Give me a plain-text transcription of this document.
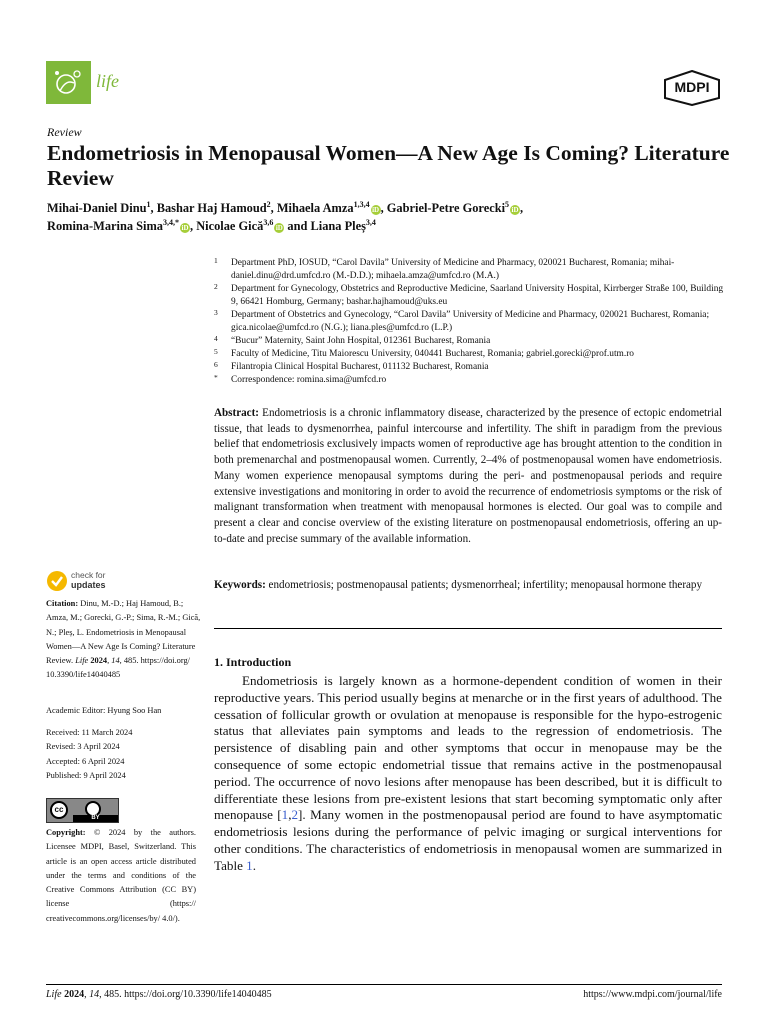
life	MDPI
Review
Endometriosis in Menopausal Women—A New Age Is Coming? Literature Review
Mihai-Daniel Dinu$^1$, Bashar Haj Hamoud$^2$, Mihaela Amza$^{1,3,4}$iD , Gabriel-Petre Gorecki$^5$iD ,
Romina-Marina Sima$^{3,4,*}$iD , Nicolae Gică$^{3,6}$iD and Liana Pleș$^{3,4}$
1 Department PhD, IOSUD, “Carol Davila” University of Medicine and Pharmacy, 020021 Bucharest, Romania; mihai-daniel.dinu@drd.umfcd.ro (M.-D.D.); mihaela.amza@umfcd.ro (M.A.)
2 Department for Gynecology, Obstetrics and Reproductive Medicine, Saarland University Hospital, Kirrberger Straße 100, Building 9, 66421 Homburg, Germany; bashar.hajhamoud@uks.eu
3 Department of Obstetrics and Gynecology, “Carol Davila” University of Medicine and Pharmacy, 020021 Bucharest, Romania; gica.nicolae@umfcd.ro (N.G.); liana.ples@umfcd.ro (L.P.)
4 “Bucur” Maternity, Saint John Hospital, 012361 Bucharest, Romania
5 Faculty of Medicine, Titu Maiorescu University, 040441 Bucharest, Romania; gabriel.gorecki@prof.utm.ro
6 Filantropia Clinical Hospital Bucharest, 011132 Bucharest, Romania
* Correspondence: romina.sima@umfcd.ro

Abstract: Endometriosis is a chronic inflammatory disease, characterized by the presence of ectopic endometrial tissue, that leads to dysmenorrhea, painful intercourse and infertility. The shift in paradigm from the previous belief that endometriosis exclusively impacts women of reproductive age has brought attention to the condition in both premenarchal and postmenopausal women. Currently, 2–4% of postmenopausal women have endometriosis. Many women experience menopausal symptoms during the peri- and postmenopausal periods and require extensive investigations and monitoring in order to avoid the recurrence of endometriosis symptoms or the risk of malignant transformation when treatment with menopausal hormones is elected. Our goal was to compile and present a clear and concise overview of the existing literature on postmenopausal endometriosis, offering an up-to-date and precise summary of the available information.

Keywords: endometriosis; postmenopausal patients; dysmenorrheal; infertility; menopausal hormone therapy

1. Introduction

Endometriosis is largely known as a hormone-dependent condition of women in their reproductive years. This period usually begins at menarche or in the first years of adulthood. The cessation of follicular growth or ovulation at menopause is responsible for the hypo-estrogenic status that alleviates pain symptoms and leads to the regression of endometriosis. The persistence of disabling pain and other symptoms that occur in menopause may be the consequence of some ectopic endometrial tissue that remains active in the postmenopausal period. The occurrence of novo lesions after menopause has been described, but it is difficult to differentiate these lesions from pre-existent lesions that start becoming symptomatic only after menopause [1,2]. Many women in the postmenopausal period are found to have asymptomatic endometriosis lesions during the performance of pelvic imaging or surgical interventions for other conditions. The characteristics of endometriosis in menopausal women are summarized in Table 1.

check for
updates
Citation: Dinu, M.-D.; Haj Hamoud, B.; Amza, M.; Gorecki, G.-P.; Sima, R.-M.; Gică, N.; Pleș, L. Endometriosis in Menopausal Women—A New Age Is Coming? Literature Review. Life 2024, 14, 485. https://doi.org/ 10.3390/life14040485
Academic Editor: Hyung Soo Han
Received: 11 March 2024
Revised: 3 April 2024
Accepted: 6 April 2024
Published: 9 April 2024
cc
BY
Copyright: © 2024 by the authors. Licensee MDPI, Basel, Switzerland. This article is an open access article distributed under the terms and conditions of the Creative Commons Attribution (CC BY) license (https:// creativecommons.org/licenses/by/ 4.0/).
Life 2024, 14, 485. https://doi.org/10.3390/life14040485	https://www.mdpi.com/journal/life
